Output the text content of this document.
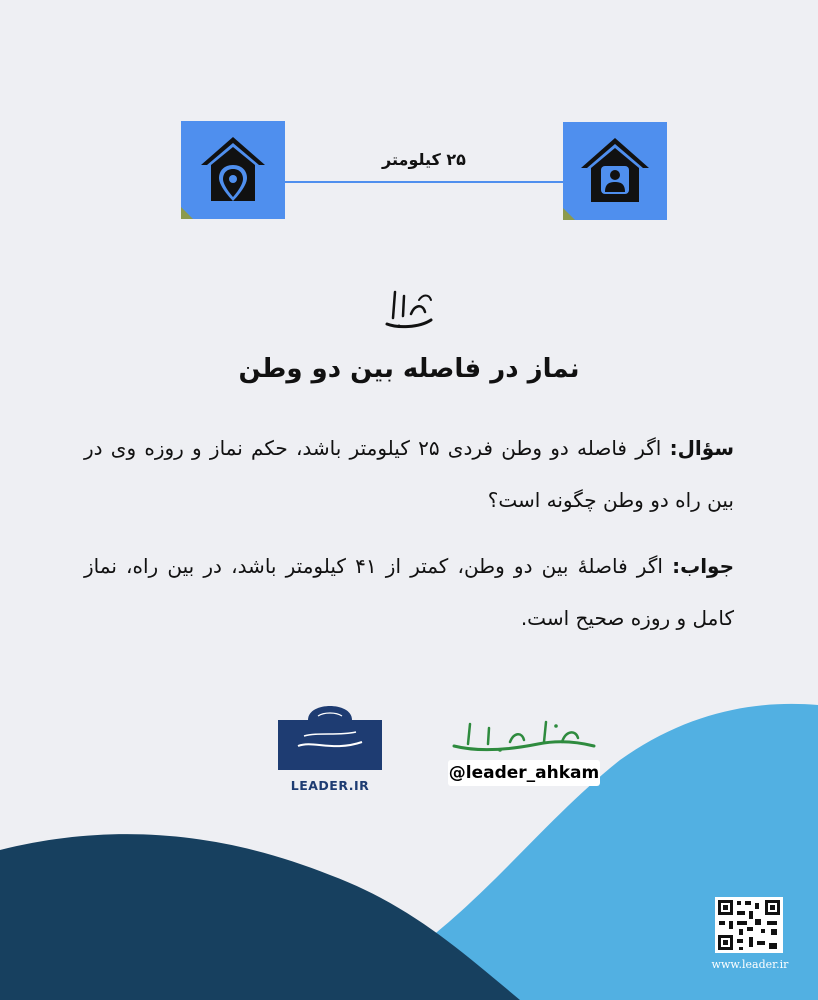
۲۵ کیلومتر
نماز در فاصله بین دو وطن
سؤال: اگر فاصله دو وطن فردی ۲۵ کیلومتر باشد، حکم نماز و روزه وی در بین راه دو وطن چگونه است؟
جواب: اگر فاصلهٔ بین دو وطن، کمتر از ۴۱ کیلومتر باشد، در بین راه، نماز کامل و روزه صحیح است.
LEADER.IR
@leader_ahkam
www.leader.ir
